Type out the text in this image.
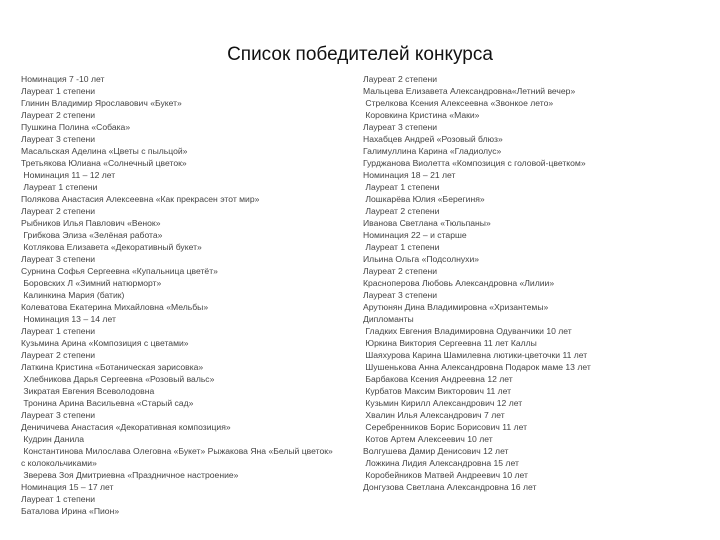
Список победителей конкурса
Номинация 7 -10 лет
Лауреат 1 степени
Глинин Владимир Ярославович «Букет»
Лауреат 2 степени
Пушкина Полина «Собака»
Лауреат 3 степени
Масальская Аделина «Цветы с пыльцой»
Третьякова Юлиана «Солнечный цветок»
Номинация 11 – 12 лет
Лауреат 1 степени
Полякова Анастасия Алексеевна «Как прекрасен этот мир»
Лауреат 2 степени
Рыбников Илья Павлович «Венок»
Грибкова Элиза «Зелёная работа»
Котлякова Елизавета «Декоративный букет»
Лауреат 3 степени
Сурнина Софья Сергеевна «Купальница цветёт»
Боровских Л «Зимний натюрморт»
Калинкина Мария (батик)
Колеватова Екатерина Михайловна «Мельбы»
Номинация 13 – 14 лет
Лауреат 1 степени
Кузьмина Арина «Композиция с цветами»
Лауреат 2 степени
Латкина Кристина «Ботаническая зарисовка»
Хлебникова Дарья Сергеевна «Розовый вальс»
Зикратая Евгения Всеволодовна
Тронина Арина Васильевна «Старый сад»
Лауреат 3 степени
Деничичева Анастасия «Декоративная композиция»
Кудрин Данила
Константинова Милослава Олеговна «Букет» Рыжакова Яна «Белый цветок»
с колокольчиками»
Зверева Зоя Дмитриевна «Праздничное настроение»
Номинация 15 – 17 лет
Лауреат 1 степени
Баталова Ирина «Пион»
Лауреат 2 степени
Мальцева Елизавета Александровна«Летний вечер»
Стрелкова Ксения Алексеевна «Звонкое лето»
Коровкина Кристина «Маки»
Лауреат 3 степени
Нахабцев Андрей «Розовый блюз»
Галимуллина Карина «Гладиолус»
Гурджанова Виолетта «Композиция с головой-цветком»
Номинация 18 – 21 лет
Лауреат 1 степени
Лошкарёва Юлия «Берегиня»
Лауреат 2 степени
Иванова Светлана «Тюльпаны»
Номинация 22 – и старше
Лауреат 1 степени
Ильина Ольга «Подсолнухи»
Лауреат 2 степени
Красноперова Любовь Александровна «Лилии»
Лауреат 3 степени
Арутюнян Дина Владимировна «Хризантемы»
Дипломанты
Гладких Евгения Владимировна Одуванчики 10 лет
Юркина Виктория Сергеевна 11 лет Каллы
Шаяхурова Карина Шамилевна лютики-цветочки 11 лет
Шушенькова Анна Александровна Подарок маме 13 лет
Барбакова Ксения Андреевна 12 лет
Курбатов Максим Викторович 11 лет
Кузьмин Кирилл Александрович 12 лет
Хвалин Илья Александрович 7 лет
Серебренников Борис Борисович 11 лет
Котов Артем Алексеевич 10 лет
Волгушева Дамир Денисович 12 лет
Ложкина Лидия Александровна 15 лет
Коробейников Матвей Андреевич 10 лет
Донгузова Светлана Александровна 16 лет
